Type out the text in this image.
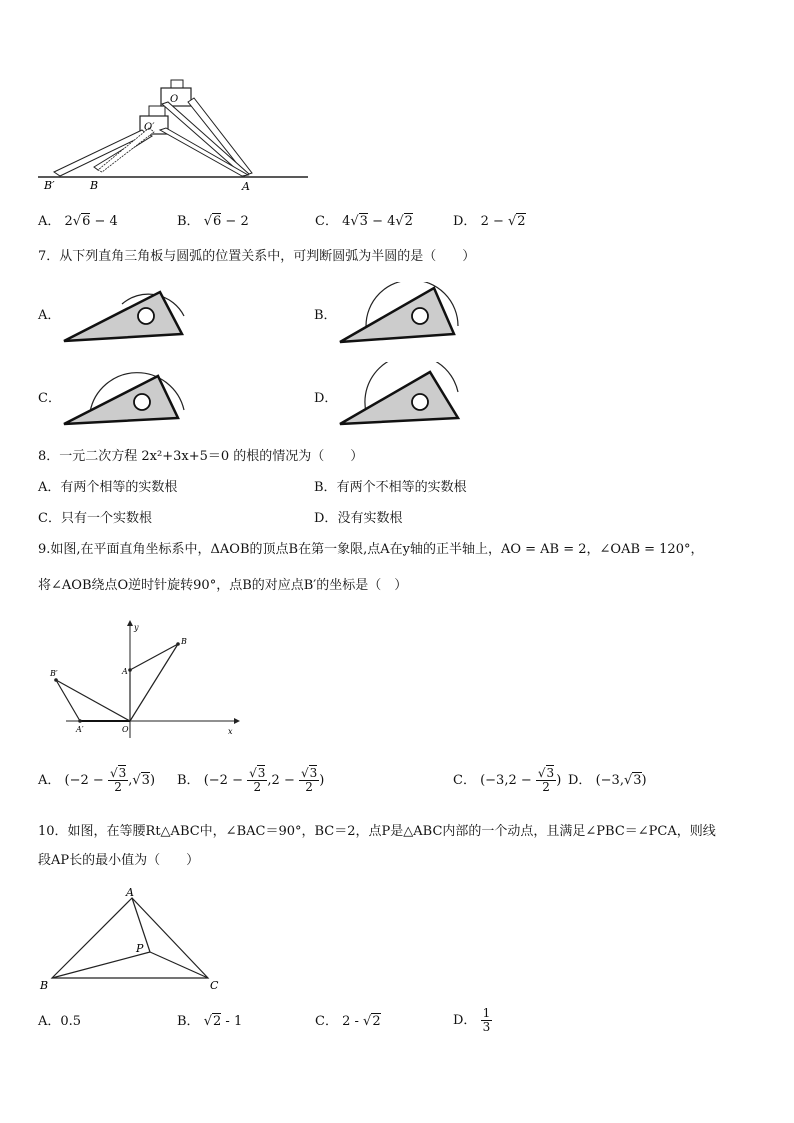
O
O′
B′	B	A
A． 2√6 − 4	B． √6 − 2	C． 4√3 − 4√2	D． 2 − √2
7．从下列直角三角板与圆弧的位置关系中，可判断圆弧为半圆的是（　　）
A．	B．
C．	D．
8．一元二次方程 2x²+3x+5＝0 的根的情况为（　　）
A．有两个相等的实数根	B．有两个不相等的实数根
C．只有一个实数根	D．没有实数根
9.如图,在平面直角坐标系中，ΔAOB的顶点B在第一象限,点A在y轴的正半轴上，AO = AB = 2，∠OAB = 120°，
将∠AOB绕点O逆时针旋转90°，点B的对应点B′的坐标是（　）
y
x
A
B
B′
A′	O
A． $(-2 - \frac{√3}{2} ,√3)$ B． ($-2 - \frac{√3}{2} ,2 - \frac{√3}{2}$ )	C． ($-3,2 - \frac{√3}{2}$ ) D． (−3,√3)
10．如图，在等腰Rt△ABC中，∠BAC＝90°，BC＝2，点P是△ABC内部的一个动点，且满足∠PBC＝∠PCA，则线
段AP长的最小值为（　　）
A
B	C
P
A．0.5	B． √2 - 1	C． 2 - √2	D． $\frac{1}{3}$
